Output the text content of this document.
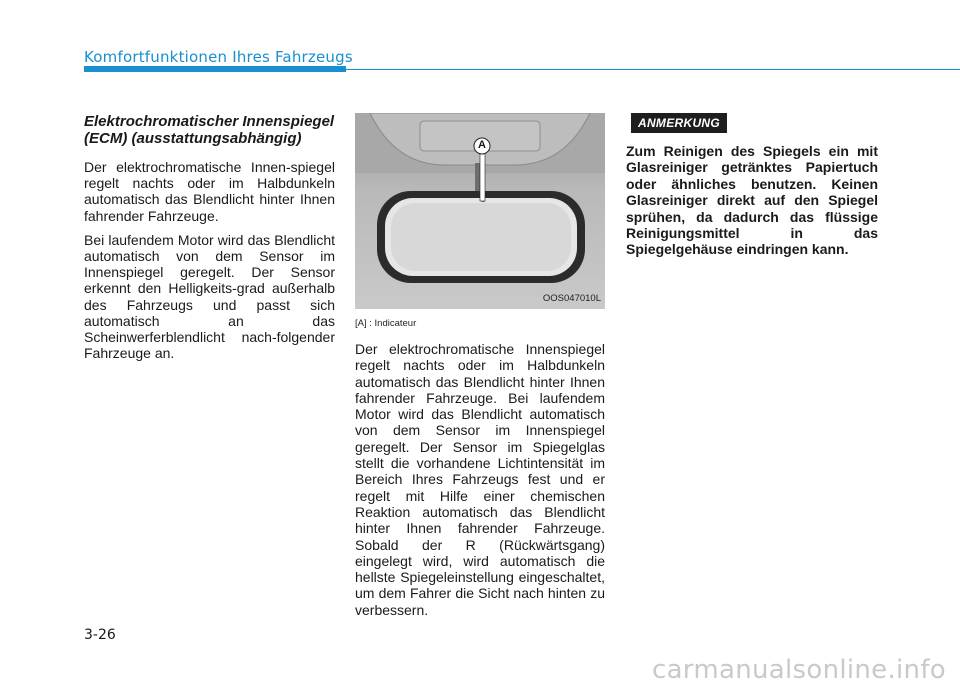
Komfortfunktionen Ihres Fahrzeugs
Elektrochromatischer Innenspiegel (ECM) (ausstattungsabhängig)

Der elektrochromatische Innen-spiegel regelt nachts oder im Halbdunkeln automatisch das Blendlicht hinter Ihnen fahrender Fahrzeuge.

Bei laufendem Motor wird das Blendlicht automatisch von dem Sensor im Innenspiegel geregelt. Der Sensor erkennt den Helligkeits-grad außerhalb des Fahrzeugs und passt sich automatisch an das Scheinwerferblendlicht nach-folgender Fahrzeuge an.

A
OOS047010L
[A] : Indicateur

Der elektrochromatische Innenspiegel regelt nachts oder im Halbdunkeln automatisch das Blendlicht hinter Ihnen fahrender Fahrzeuge. Bei laufendem Motor wird das Blendlicht automatisch von dem Sensor im Innenspiegel geregelt. Der Sensor im Spiegelglas stellt die vorhandene Lichtintensität im Bereich Ihres Fahrzeugs fest und er regelt mit Hilfe einer chemischen Reaktion automatisch das Blendlicht hinter Ihnen fahrender Fahrzeuge. Sobald der R (Rückwärtsgang) eingelegt wird, wird automatisch die hellste Spiegeleinstellung eingeschaltet, um dem Fahrer die Sicht nach hinten zu verbessern.

ANMERKUNG
Zum Reinigen des Spiegels ein mit Glasreiniger getränktes Papiertuch oder ähnliches benutzen. Keinen Glasreiniger direkt auf den Spiegel sprühen, da dadurch das flüssige Reinigungsmittel in das Spiegelgehäuse eindringen kann.
3-26
carmanualsonline.info
